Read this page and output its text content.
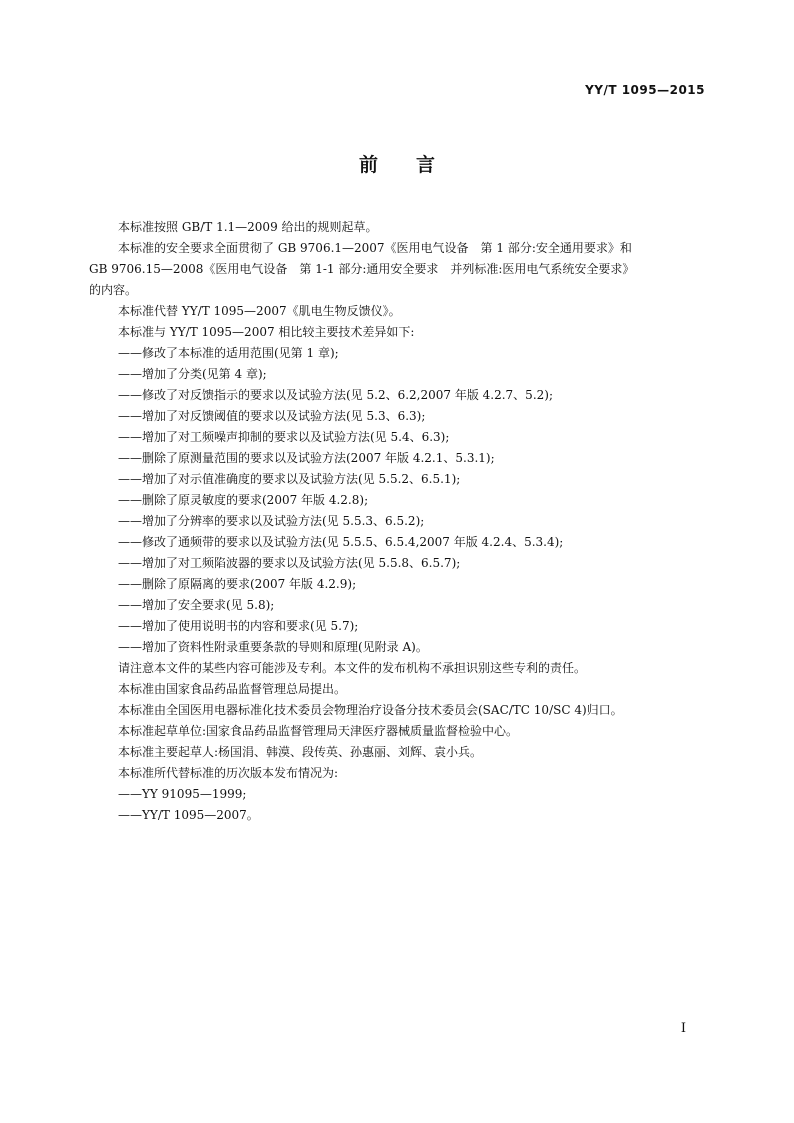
YY/T 1095—2015

前言

本标准按照 GB/T 1.1—2009 给出的规则起草。

本标准的安全要求全面贯彻了 GB 9706.1—2007《医用电气设备　第 1 部分:安全通用要求》和

GB 9706.15—2008《医用电气设备　第 1-1 部分:通用安全要求　并列标准:医用电气系统安全要求》

的内容。

本标准代替 YY/T 1095—2007《肌电生物反馈仪》。

本标准与 YY/T 1095—2007 相比较主要技术差异如下:

——修改了本标准的适用范围(见第 1 章);

——增加了分类(见第 4 章);

——修改了对反馈指示的要求以及试验方法(见 5.2、6.2,2007 年版 4.2.7、5.2);

——增加了对反馈阈值的要求以及试验方法(见 5.3、6.3);

——增加了对工频噪声抑制的要求以及试验方法(见 5.4、6.3);

——删除了原测量范围的要求以及试验方法(2007 年版 4.2.1、5.3.1);

——增加了对示值准确度的要求以及试验方法(见 5.5.2、6.5.1);

——删除了原灵敏度的要求(2007 年版 4.2.8);

——增加了分辨率的要求以及试验方法(见 5.5.3、6.5.2);

——修改了通频带的要求以及试验方法(见 5.5.5、6.5.4,2007 年版 4.2.4、5.3.4);

——增加了对工频陷波器的要求以及试验方法(见 5.5.8、6.5.7);

——删除了原隔离的要求(2007 年版 4.2.9);

——增加了安全要求(见 5.8);

——增加了使用说明书的内容和要求(见 5.7);

——增加了资料性附录重要条款的导则和原理(见附录 A)。

请注意本文件的某些内容可能涉及专利。本文件的发布机构不承担识别这些专利的责任。

本标准由国家食品药品监督管理总局提出。

本标准由全国医用电器标准化技术委员会物理治疗设备分技术委员会(SAC/TC 10/SC 4)归口。

本标准起草单位:国家食品药品监督管理局天津医疗器械质量监督检验中心。

本标准主要起草人:杨国涓、韩漠、段传英、孙惠丽、刘辉、袁小兵。

本标准所代替标准的历次版本发布情况为:

——YY 91095—1999;

——YY/T 1095—2007。

I
